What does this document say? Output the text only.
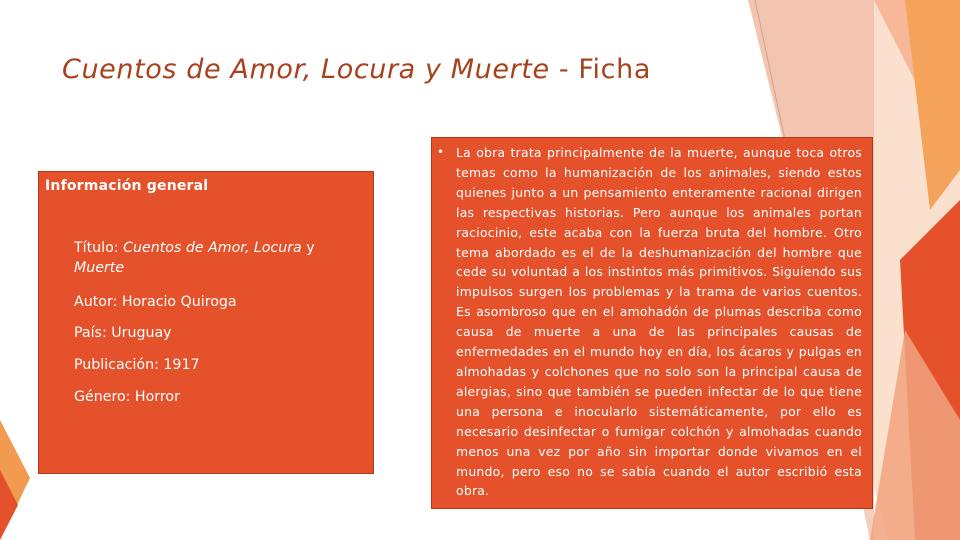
Cuentos de Amor, Locura y Muerte - Ficha
Información general
Título: Cuentos de Amor, Locura y
Muerte
Autor: Horacio Quiroga
País: Uruguay
Publicación: 1917
Género: Horror
• La obra trata principalmente de la muerte, aunque toca otros temas como la humanización de los animales, siendo estos quienes junto a un pensamiento enteramente racional dirigen las respectivas historias. Pero aunque los animales portan raciocinio, este acaba con la fuerza bruta del hombre. Otro tema abordado es el de la deshumanización del hombre que cede su voluntad a los instintos más primitivos. Siguiendo sus impulsos surgen los problemas y la trama de varios cuentos. Es asombroso que en el amohadón de plumas describa como causa de muerte a una de las principales causas de enfermedades en el mundo hoy en día, los ácaros y pulgas en almohadas y colchones que no solo son la principal causa de alergias, sino que también se pueden infectar de lo que tiene una persona e inocularlo sistemáticamente, por ello es necesario desinfectar o fumigar colchón y almohadas cuando menos una vez por año sin importar donde vivamos en el mundo, pero eso no se sabía cuando el autor escribió esta obra.
